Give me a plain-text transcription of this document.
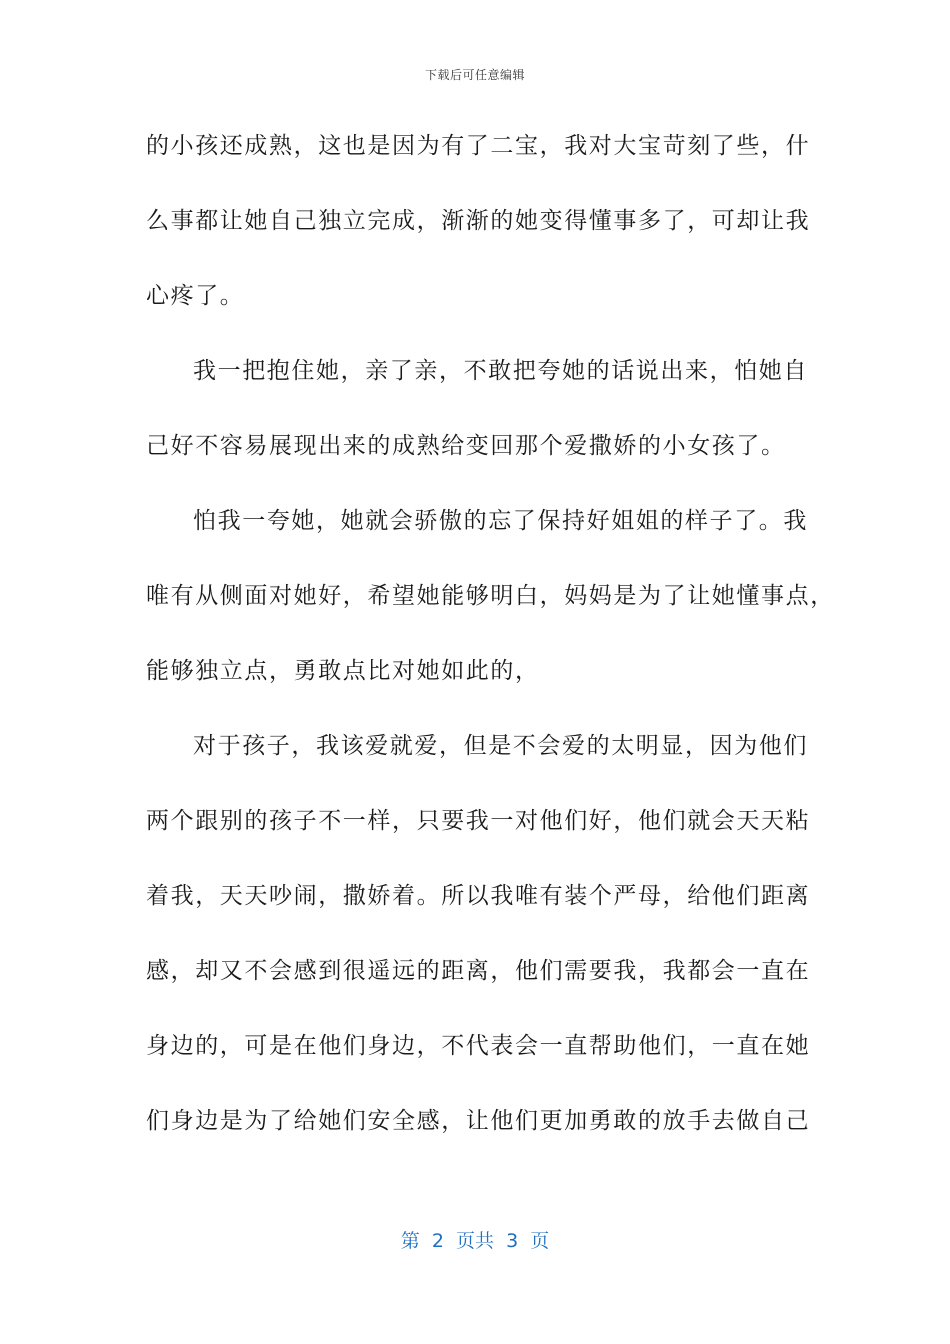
下载后可任意编辑
的小孩还成熟，这也是因为有了二宝，我对大宝苛刻了些，什
么事都让她自己独立完成，渐渐的她变得懂事多了，可却让我
心疼了。
我一把抱住她，亲了亲，不敢把夸她的话说出来，怕她自
己好不容易展现出来的成熟给变回那个爱撒娇的小女孩了。
怕我一夸她，她就会骄傲的忘了保持好姐姐的样子了。我
唯有从侧面对她好，希望她能够明白，妈妈是为了让她懂事点，
能够独立点，勇敢点比对她如此的，
对于孩子，我该爱就爱，但是不会爱的太明显，因为他们
两个跟别的孩子不一样，只要我一对他们好，他们就会天天粘
着我，天天吵闹，撒娇着。所以我唯有装个严母，给他们距离
感，却又不会感到很遥远的距离，他们需要我，我都会一直在
身边的，可是在他们身边，不代表会一直帮助他们，一直在她
们身边是为了给她们安全感，让他们更加勇敢的放手去做自己
第  2  页共  3  页
